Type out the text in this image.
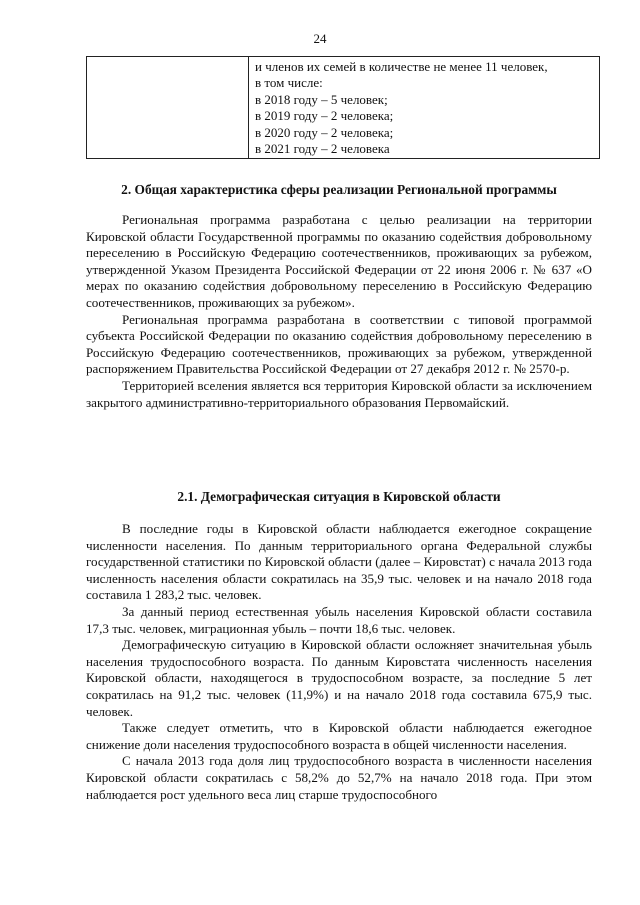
24

и членов их семей в количестве не менее 11 человек,
в том числе:
в 2018 году – 5 человек;
в 2019 году – 2 человека;
в 2020 году – 2 человека;
в 2021 году – 2 человека
2. Общая характеристика сферы реализации Региональной программы

Региональная программа разработана с целью реализации на территории Кировской области Государственной программы по оказанию содействия добровольному переселению в Российскую Федерацию соотечественников, проживающих за рубежом, утвержденной Указом Президента Российской Федерации от 22 июня 2006 г. № 637 «О мерах по оказанию содействия добровольному переселению в Российскую Федерацию соотечественников, проживающих за рубежом».

Региональная программа разработана в соответствии с типовой программой субъекта Российской Федерации по оказанию содействия добровольному переселению в Российскую Федерацию соотечественников, проживающих за рубежом, утвержденной распоряжением Правительства Российской Федерации от 27 декабря 2012 г. № 2570-р.

Территорией вселения является вся территория Кировской области за исключением закрытого административно-территориального образования Первомайский.

2.1. Демографическая ситуация в Кировской области

В последние годы в Кировской области наблюдается ежегодное сокращение численности населения. По данным территориального органа Федеральной службы государственной статистики по Кировской области (далее – Кировстат) с начала 2013 года численность населения области сократилась на 35,9 тыс. человек и на начало 2018 года составила 1 283,2 тыс. человек.

За данный период естественная убыль населения Кировской области составила 17,3 тыс. человек, миграционная убыль – почти 18,6 тыс. человек.

Демографическую ситуацию в Кировской области осложняет значительная убыль населения трудоспособного возраста. По данным Кировстата численность населения Кировской области, находящегося в трудоспособном возрасте, за последние 5 лет сократилась на 91,2 тыс. человек (11,9%) и на начало 2018 года составила 675,9 тыс. человек.

Также следует отметить, что в Кировской области наблюдается ежегодное снижение доли населения трудоспособного возраста в общей численности населения.

С начала 2013 года доля лиц трудоспособного возраста в численности населения Кировской области сократилась с 58,2% до 52,7% на начало 2018 года. При этом наблюдается рост удельного веса лиц старше трудоспособного
